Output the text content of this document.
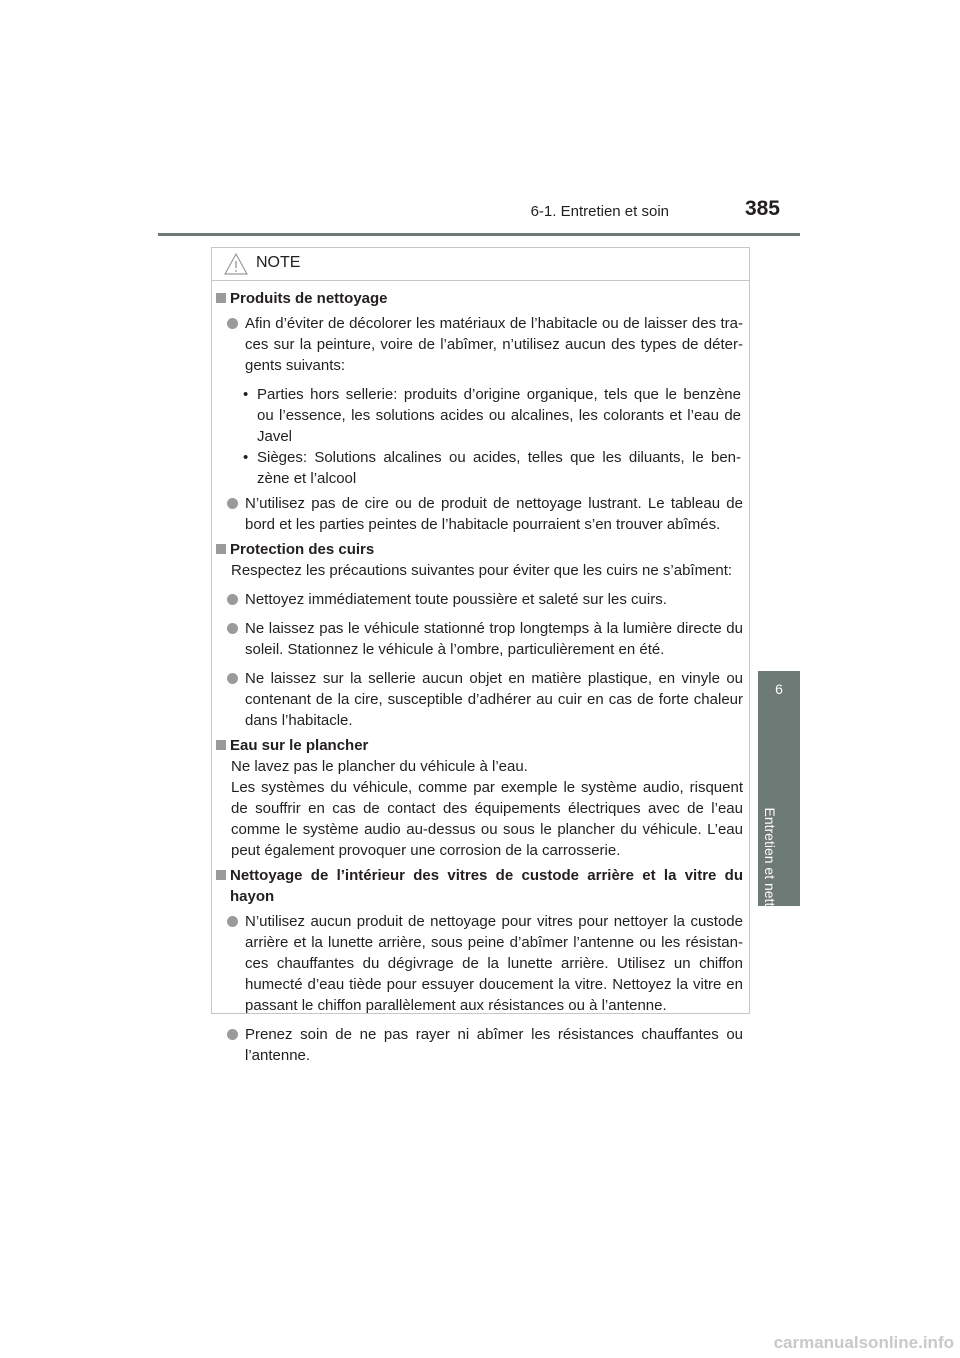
6-1. Entretien et soin	385
6
Entretien et nettoyage
NOTE
Produits de nettoyage
Afin d’éviter de décolorer les matériaux de l’habitacle ou de laisser des tra-ces sur la peinture, voire de l’abîmer, n’utilisez aucun des types de déter-gents suivants:
• Parties hors sellerie: produits d’origine organique, tels que le benzène ou l’essence, les solutions acides ou alcalines, les colorants et l’eau de Javel
• Sièges: Solutions alcalines ou acides, telles que les diluants, le ben-zène et l’alcool
N’utilisez pas de cire ou de produit de nettoyage lustrant. Le tableau de bord et les parties peintes de l’habitacle pourraient s’en trouver abîmés.
Protection des cuirs
Respectez les précautions suivantes pour éviter que les cuirs ne s’abîment:
Nettoyez immédiatement toute poussière et saleté sur les cuirs.
Ne laissez pas le véhicule stationné trop longtemps à la lumière directe du soleil. Stationnez le véhicule à l’ombre, particulièrement en été.
Ne laissez sur la sellerie aucun objet en matière plastique, en vinyle ou contenant de la cire, susceptible d’adhérer au cuir en cas de forte chaleur dans l’habitacle.
Eau sur le plancher
Ne lavez pas le plancher du véhicule à l’eau.
Les systèmes du véhicule, comme par exemple le système audio, risquent de souffrir en cas de contact des équipements électriques avec de l’eau comme le système audio au-dessus ou sous le plancher du véhicule. L’eau peut également provoquer une corrosion de la carrosserie.
Nettoyage de l’intérieur des vitres de custode arrière et la vitre du hayon
N’utilisez aucun produit de nettoyage pour vitres pour nettoyer la custode arrière et la lunette arrière, sous peine d’abîmer l’antenne ou les résistan-ces chauffantes du dégivrage de la lunette arrière. Utilisez un chiffon humecté d’eau tiède pour essuyer doucement la vitre. Nettoyez la vitre en passant le chiffon parallèlement aux résistances ou à l’antenne.
Prenez soin de ne pas rayer ni abîmer les résistances chauffantes ou l’antenne.
carmanualsonline.info
